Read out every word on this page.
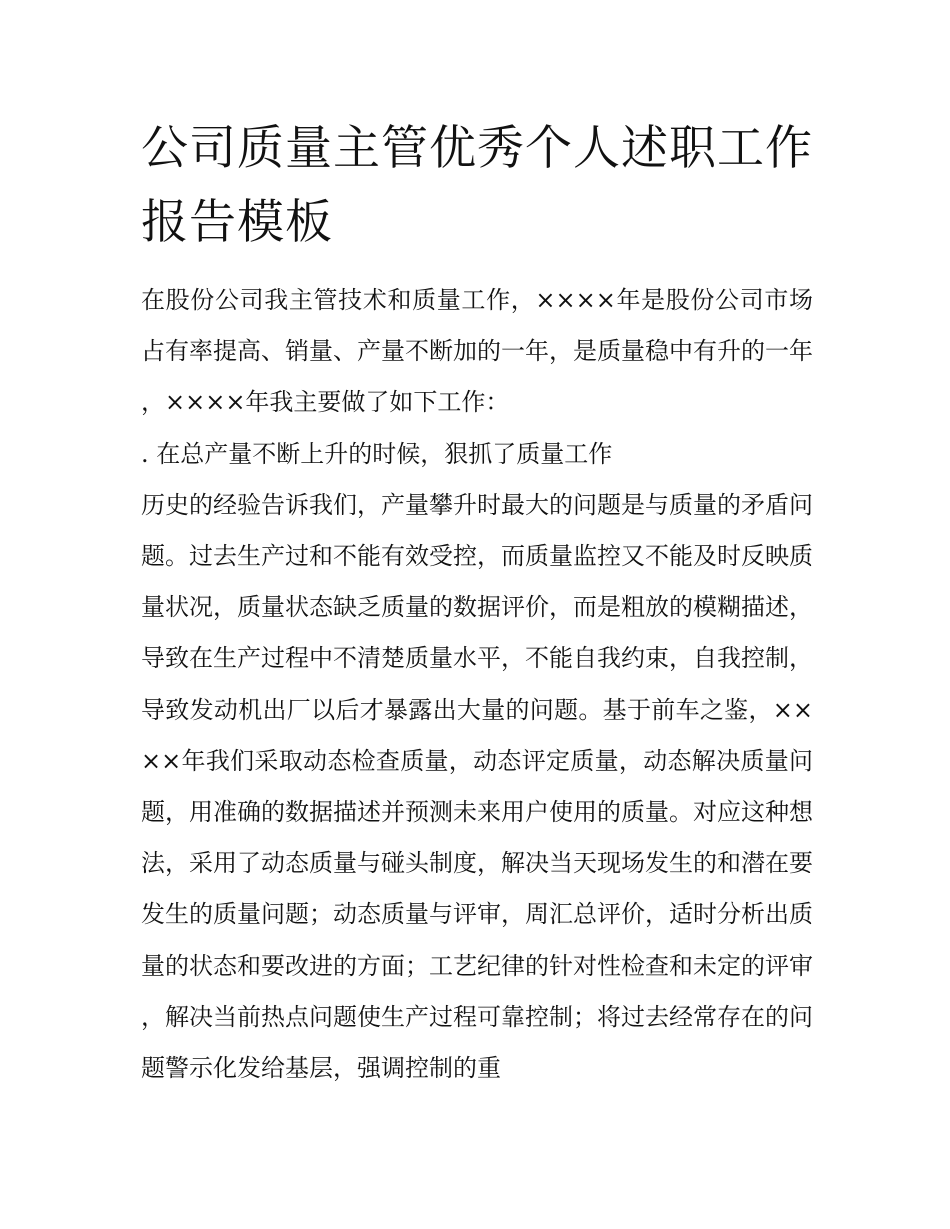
公司质量主管优秀个人述职工作报告模板

在股份公司我主管技术和质量工作，××××年是股份公司市场占有率提高、销量、产量不断加的一年，是质量稳中有升的一年，××××年我主要做了如下工作：

. 在总产量不断上升的时候，狠抓了质量工作

历史的经验告诉我们，产量攀升时最大的问题是与质量的矛盾问题。过去生产过和不能有效受控，而质量监控又不能及时反映质量状况，质量状态缺乏质量的数据评价，而是粗放的模糊描述，导致在生产过程中不清楚质量水平，不能自我约束，自我控制，导致发动机出厂以后才暴露出大量的问题。基于前车之鉴，××××年我们采取动态检查质量，动态评定质量，动态解决质量问题，用准确的数据描述并预测未来用户使用的质量。对应这种想法，采用了动态质量与碰头制度，解决当天现场发生的和潜在要发生的质量问题；动态质量与评审，周汇总评价，适时分析出质量的状态和要改进的方面；工艺纪律的针对性检查和未定的评审，解决当前热点问题使生产过程可靠控制；将过去经常存在的问题警示化发给基层，强调控制的重
